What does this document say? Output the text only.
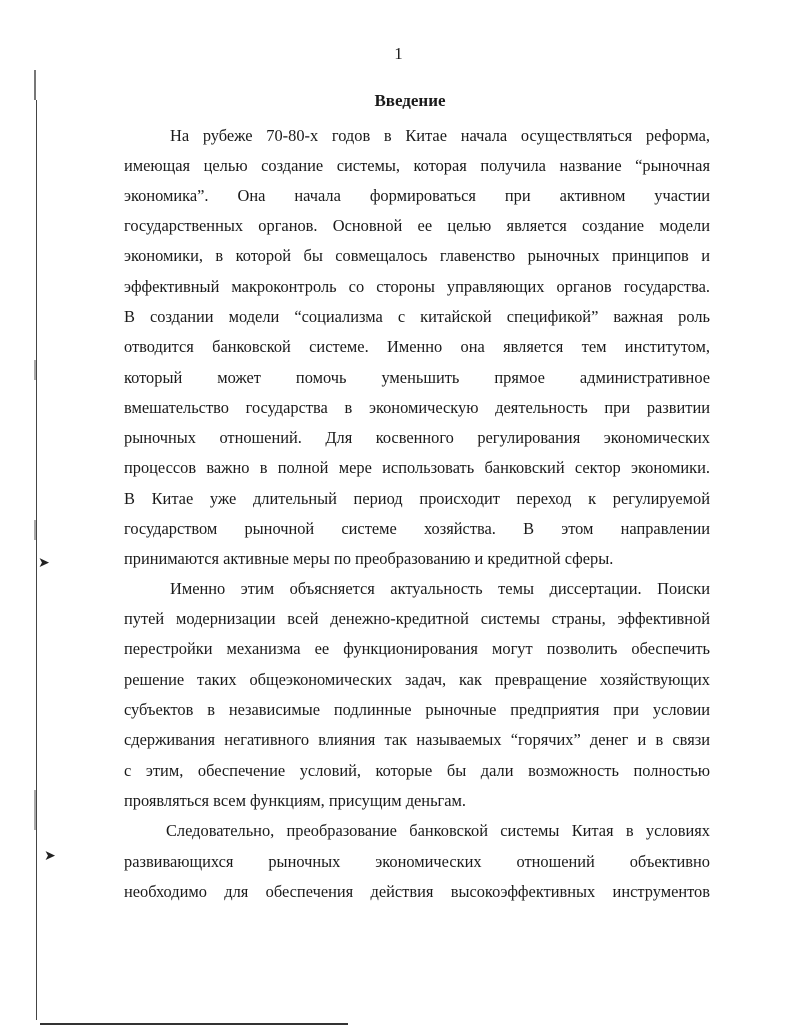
➤
➤
1
Введение
На рубеже 70-80-х годов в Китае начала осуществляться реформа,
имеющая целью создание системы, которая получила название “рыночная
экономика”. Она начала формироваться при активном участии
государственных органов. Основной ее целью является создание модели
экономики, в которой бы совмещалось главенство рыночных принципов и
эффективный макроконтроль со стороны управляющих органов государства.
В создании модели “социализма с китайской спецификой” важная роль
отводится банковской системе. Именно она является тем институтом,
который может помочь уменьшить прямое административное
вмешательство государства в экономическую деятельность при развитии
рыночных отношений. Для косвенного регулирования экономических
процессов важно в полной мере использовать банковский сектор экономики.
В Китае уже длительный период происходит переход к регулируемой
государством рыночной системе хозяйства. В этом направлении
принимаются активные меры по преобразованию и кредитной сферы.
Именно этим объясняется актуальность темы диссертации. Поиски
путей модернизации всей денежно-кредитной системы страны, эффективной
перестройки механизма ее функционирования могут позволить обеспечить
решение таких общеэкономических задач, как превращение хозяйствующих
субъектов в независимые подлинные рыночные предприятия при условии
сдерживания негативного влияния так называемых “горячих” денег и в связи
с этим, обеспечение условий, которые бы дали возможность полностью
проявляться всем функциям, присущим деньгам.
Следовательно, преобразование банковской системы Китая в условиях
развивающихся рыночных экономических отношений объективно
необходимо для обеспечения действия высокоэффективных инструментов
